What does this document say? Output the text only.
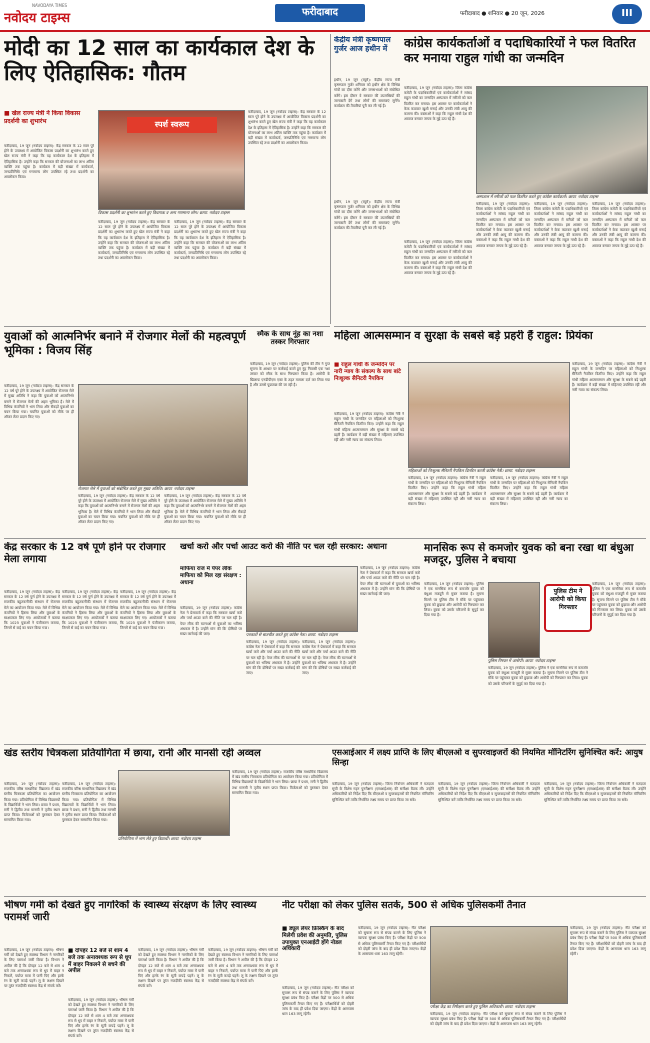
NAVODAYA TIMES
नवोदय टाइम्स	फरीदाबाद	फरीदाबाद ● शनिवार ● 20 जून, 2026	III
मोदी का 12 साल का कार्यकाल देश के लिए ऐतिहासिक: गौतम
■ खेल राज्य मंत्री ने किया विकास प्रदर्शनी का शुभारंभ
फरीदाबाद, 19 जून (नवोदय टाइम्स): केंद्र सरकार के 12 साल पूरे होने के उपलक्ष्य में आयोजित विकास प्रदर्शनी का शुभारंभ करते हुए खेल राज्य मंत्री ने कहा कि यह कार्यकाल देश के इतिहास में ऐतिहासिक है। उन्होंने कहा कि सरकार की योजनाओं का लाभ अंतिम व्यक्ति तक पहुंचा है। कार्यक्रम में बड़ी संख्या में कार्यकर्ता, जनप्रतिनिधि एवं गणमान्य लोग उपस्थित रहे तथा प्रदर्शनी का अवलोकन किया।
स्पर्श स्वरूप
विकास प्रदर्शनी का शुभारंभ करते हुए विधायक व अन्य गणमान्य लोग। छाया: नवोदय टाइम्स
फरीदाबाद, 19 जून (नवोदय टाइम्स): केंद्र सरकार के 12 साल पूरे होने के उपलक्ष्य में आयोजित विकास प्रदर्शनी का शुभारंभ करते हुए खेल राज्य मंत्री ने कहा कि यह कार्यकाल देश के इतिहास में ऐतिहासिक है। उन्होंने कहा कि सरकार की योजनाओं का लाभ अंतिम व्यक्ति तक पहुंचा है। कार्यक्रम में बड़ी संख्या में कार्यकर्ता, जनप्रतिनिधि एवं गणमान्य लोग उपस्थित रहे तथा प्रदर्शनी का अवलोकन किया।
फरीदाबाद, 19 जून (नवोदय टाइम्स): केंद्र सरकार के 12 साल पूरे होने के उपलक्ष्य में आयोजित विकास प्रदर्शनी का शुभारंभ करते हुए खेल राज्य मंत्री ने कहा कि यह कार्यकाल देश के इतिहास में ऐतिहासिक है। उन्होंने कहा कि सरकार की योजनाओं का लाभ अंतिम व्यक्ति तक पहुंचा है। कार्यक्रम में बड़ी संख्या में कार्यकर्ता, जनप्रतिनिधि एवं गणमान्य लोग उपस्थित रहे तथा प्रदर्शनी का अवलोकन किया।
फरीदाबाद, 19 जून (नवोदय टाइम्स): केंद्र सरकार के 12 साल पूरे होने के उपलक्ष्य में आयोजित विकास प्रदर्शनी का शुभारंभ करते हुए खेल राज्य मंत्री ने कहा कि यह कार्यकाल देश के इतिहास में ऐतिहासिक है। उन्होंने कहा कि सरकार की योजनाओं का लाभ अंतिम व्यक्ति तक पहुंचा है। कार्यक्रम में बड़ी संख्या में कार्यकर्ता, जनप्रतिनिधि एवं गणमान्य लोग उपस्थित रहे तथा प्रदर्शनी का अवलोकन किया।
केंद्रीय मंत्री कृष्णपाल गुर्जर आज हथीन में
हथीन, 19 जून (ब्यूरो): केंद्रीय राज्य मंत्री कृष्णपाल गुर्जर शनिवार को हथीन क्षेत्र के विभिन्न गांवों का दौरा करेंगे और जनसभाओं को संबोधित करेंगे। इस दौरान वे सरकार की उपलब्धियों की जानकारी देंगे तथा लोगों की समस्याएं सुनेंगे। कार्यक्रम की तैयारियां पूरी कर ली गई हैं।
कांग्रेस कार्यकर्ताओं व पदाधिकारियों ने फल वितरित कर मनाया राहुल गांधी का जन्मदिन
फरीदाबाद, 19 जून (नवोदय टाइम्स): जिला कांग्रेस कमेटी के पदाधिकारियों एवं कार्यकर्ताओं ने सांसद राहुल गांधी का जन्मदिन अस्पताल में मरीजों को फल वितरित कर मनाया। इस अवसर पर कार्यकर्ताओं ने केक काटकर खुशी मनाई और उनकी लंबी आयु की कामना की। वक्ताओं ने कहा कि राहुल गांधी देश की आवाज बनकर जनता के मुद्दे उठा रहे हैं।
अस्पताल में मरीजों को फल वितरित करते हुए कांग्रेस कार्यकर्ता। छाया: नवोदय टाइम्स
फरीदाबाद, 19 जून (नवोदय टाइम्स): जिला कांग्रेस कमेटी के पदाधिकारियों एवं कार्यकर्ताओं ने सांसद राहुल गांधी का जन्मदिन अस्पताल में मरीजों को फल वितरित कर मनाया। इस अवसर पर कार्यकर्ताओं ने केक काटकर खुशी मनाई और उनकी लंबी आयु की कामना की। वक्ताओं ने कहा कि राहुल गांधी देश की आवाज बनकर जनता के मुद्दे उठा रहे हैं।
फरीदाबाद, 19 जून (नवोदय टाइम्स): जिला कांग्रेस कमेटी के पदाधिकारियों एवं कार्यकर्ताओं ने सांसद राहुल गांधी का जन्मदिन अस्पताल में मरीजों को फल वितरित कर मनाया। इस अवसर पर कार्यकर्ताओं ने केक काटकर खुशी मनाई और उनकी लंबी आयु की कामना की। वक्ताओं ने कहा कि राहुल गांधी देश की आवाज बनकर जनता के मुद्दे उठा रहे हैं।
फरीदाबाद, 19 जून (नवोदय टाइम्स): जिला कांग्रेस कमेटी के पदाधिकारियों एवं कार्यकर्ताओं ने सांसद राहुल गांधी का जन्मदिन अस्पताल में मरीजों को फल वितरित कर मनाया। इस अवसर पर कार्यकर्ताओं ने केक काटकर खुशी मनाई और उनकी लंबी आयु की कामना की। वक्ताओं ने कहा कि राहुल गांधी देश की आवाज बनकर जनता के मुद्दे उठा रहे हैं।
हथीन, 19 जून (ब्यूरो): केंद्रीय राज्य मंत्री कृष्णपाल गुर्जर शनिवार को हथीन क्षेत्र के विभिन्न गांवों का दौरा करेंगे और जनसभाओं को संबोधित करेंगे। इस दौरान वे सरकार की उपलब्धियों की जानकारी देंगे तथा लोगों की समस्याएं सुनेंगे। कार्यक्रम की तैयारियां पूरी कर ली गई हैं।
फरीदाबाद, 19 जून (नवोदय टाइम्स): जिला कांग्रेस कमेटी के पदाधिकारियों एवं कार्यकर्ताओं ने सांसद राहुल गांधी का जन्मदिन अस्पताल में मरीजों को फल वितरित कर मनाया। इस अवसर पर कार्यकर्ताओं ने केक काटकर खुशी मनाई और उनकी लंबी आयु की कामना की। वक्ताओं ने कहा कि राहुल गांधी देश की आवाज बनकर जनता के मुद्दे उठा रहे हैं।
स्मैक के साथ नूंह का नशा तस्कर गिरफ्तार
फरीदाबाद, 19 जून (नवोदय टाइम्स): पुलिस की टीम ने गुप्त सूचना के आधार पर कार्रवाई करते हुए नूंह निवासी एक नशा तस्कर को स्मैक के साथ गिरफ्तार किया है। आरोपी के खिलाफ एनडीपीएस एक्ट के तहत मामला दर्ज कर लिया गया है और उससे पूछताछ की जा रही है।
युवाओं को आत्मनिर्भर बनाने में रोजगार मेलों की महत्वपूर्ण भूमिका : विजय सिंह
फरीदाबाद, 19 जून (नवोदय टाइम्स): केंद्र सरकार के 12 वर्ष पूरे होने के उपलक्ष्य में आयोजित रोजगार मेले में मुख्य अतिथि ने कहा कि युवाओं को आत्मनिर्भर बनाने में रोजगार मेलों की अहम भूमिका है। मेले में विभिन्न कंपनियों ने भाग लिया और सैकड़ों युवाओं का चयन किया गया। चयनित युवाओं को मौके पर ही ऑफर लेटर प्रदान किए गए।
रोजगार मेले में युवाओं को संबोधित करते हुए मुख्य अतिथि। छाया: नवोदय टाइम्स
फरीदाबाद, 19 जून (नवोदय टाइम्स): केंद्र सरकार के 12 वर्ष पूरे होने के उपलक्ष्य में आयोजित रोजगार मेले में मुख्य अतिथि ने कहा कि युवाओं को आत्मनिर्भर बनाने में रोजगार मेलों की अहम भूमिका है। मेले में विभिन्न कंपनियों ने भाग लिया और सैकड़ों युवाओं का चयन किया गया। चयनित युवाओं को मौके पर ही ऑफर लेटर प्रदान किए गए।
फरीदाबाद, 19 जून (नवोदय टाइम्स): केंद्र सरकार के 12 वर्ष पूरे होने के उपलक्ष्य में आयोजित रोजगार मेले में मुख्य अतिथि ने कहा कि युवाओं को आत्मनिर्भर बनाने में रोजगार मेलों की अहम भूमिका है। मेले में विभिन्न कंपनियों ने भाग लिया और सैकड़ों युवाओं का चयन किया गया। चयनित युवाओं को मौके पर ही ऑफर लेटर प्रदान किए गए।
महिला आत्मसम्मान व सुरक्षा के सबसे बड़े प्रहरी हैं राहुल: प्रियंका
■ राहुल गांधी के जन्मदिन पर नारी न्याय के संकल्प के साथ बांटे निःशुल्क सैनिटरी नैपकिन
फरीदाबाद, 19 जून (नवोदय टाइम्स): कांग्रेस नेत्री ने राहुल गांधी के जन्मदिन पर महिलाओं को निःशुल्क सैनिटरी नैपकिन वितरित किए। उन्होंने कहा कि राहुल गांधी महिला आत्मसम्मान और सुरक्षा के सबसे बड़े प्रहरी हैं। कार्यक्रम में बड़ी संख्या में महिलाएं उपस्थित रहीं और नारी न्याय का संकल्प लिया।
महिलाओं को निःशुल्क सैनिटरी नैपकिन वितरित करती कांग्रेस नेत्री। छाया: नवोदय टाइम्स
फरीदाबाद, 19 जून (नवोदय टाइम्स): कांग्रेस नेत्री ने राहुल गांधी के जन्मदिन पर महिलाओं को निःशुल्क सैनिटरी नैपकिन वितरित किए। उन्होंने कहा कि राहुल गांधी महिला आत्मसम्मान और सुरक्षा के सबसे बड़े प्रहरी हैं। कार्यक्रम में बड़ी संख्या में महिलाएं उपस्थित रहीं और नारी न्याय का संकल्प लिया।
फरीदाबाद, 19 जून (नवोदय टाइम्स): कांग्रेस नेत्री ने राहुल गांधी के जन्मदिन पर महिलाओं को निःशुल्क सैनिटरी नैपकिन वितरित किए। उन्होंने कहा कि राहुल गांधी महिला आत्मसम्मान और सुरक्षा के सबसे बड़े प्रहरी हैं। कार्यक्रम में बड़ी संख्या में महिलाएं उपस्थित रहीं और नारी न्याय का संकल्प लिया।
फरीदाबाद, 19 जून (नवोदय टाइम्स): कांग्रेस नेत्री ने राहुल गांधी के जन्मदिन पर महिलाओं को निःशुल्क सैनिटरी नैपकिन वितरित किए। उन्होंने कहा कि राहुल गांधी महिला आत्मसम्मान और सुरक्षा के सबसे बड़े प्रहरी हैं। कार्यक्रम में बड़ी संख्या में महिलाएं उपस्थित रहीं और नारी न्याय का संकल्प लिया।
केंद्र सरकार के 12 वर्ष पूर्ण होने पर रोजगार मेला लगाया
फरीदाबाद, 19 जून (नवोदय टाइम्स): केंद्र सरकार के 12 वर्ष पूर्ण होने के उपलक्ष्य में राजकीय बहुतकनीकी संस्थान में रोजगार मेले का आयोजन किया गया। मेले में विभिन्न कंपनियों ने हिस्सा लिया और युवाओं के साक्षात्कार लिए गए। आयोजकों ने बताया कि 1025 युवाओं ने पंजीकरण कराया, जिनमें से कई का चयन किया गया।
फरीदाबाद, 19 जून (नवोदय टाइम्स): केंद्र सरकार के 12 वर्ष पूर्ण होने के उपलक्ष्य में राजकीय बहुतकनीकी संस्थान में रोजगार मेले का आयोजन किया गया। मेले में विभिन्न कंपनियों ने हिस्सा लिया और युवाओं के साक्षात्कार लिए गए। आयोजकों ने बताया कि 1025 युवाओं ने पंजीकरण कराया, जिनमें से कई का चयन किया गया।
फरीदाबाद, 19 जून (नवोदय टाइम्स): केंद्र सरकार के 12 वर्ष पूर्ण होने के उपलक्ष्य में राजकीय बहुतकनीकी संस्थान में रोजगार मेले का आयोजन किया गया। मेले में विभिन्न कंपनियों ने हिस्सा लिया और युवाओं के साक्षात्कार लिए गए। आयोजकों ने बताया कि 1025 युवाओं ने पंजीकरण कराया, जिनमें से कई का चयन किया गया।
खर्चा करो और पर्चा आउट करो की नीति पर चल रही सरकार: अधाना
माफिया राज में पेपर लीक माफिया को मिल रहा संरक्षण : अधाना
फरीदाबाद, 19 जून (नवोदय टाइम्स): कांग्रेस नेता ने प्रेसवार्ता में कहा कि सरकार खर्चा करो और पर्चा आउट करो की नीति पर चल रही है। पेपर लीक की घटनाओं से युवाओं का भविष्य अंधकार में है। उन्होंने मांग की कि दोषियों पर सख्त कार्रवाई की जाए।	पत्रकारों से बातचीत करते हुए कांग्रेस नेता। छाया: नवोदय टाइम्स
फरीदाबाद, 19 जून (नवोदय टाइम्स): कांग्रेस नेता ने प्रेसवार्ता में कहा कि सरकार खर्चा करो और पर्चा आउट करो की नीति पर चल रही है। पेपर लीक की घटनाओं से युवाओं का भविष्य अंधकार में है। उन्होंने मांग की कि दोषियों पर सख्त कार्रवाई की जाए।
फरीदाबाद, 19 जून (नवोदय टाइम्स): कांग्रेस नेता ने प्रेसवार्ता में कहा कि सरकार खर्चा करो और पर्चा आउट करो की नीति पर चल रही है। पेपर लीक की घटनाओं से युवाओं का भविष्य अंधकार में है। उन्होंने मांग की कि दोषियों पर सख्त कार्रवाई की जाए।
फरीदाबाद, 19 जून (नवोदय टाइम्स): कांग्रेस नेता ने प्रेसवार्ता में कहा कि सरकार खर्चा करो और पर्चा आउट करो की नीति पर चल रही है। पेपर लीक की घटनाओं से युवाओं का भविष्य अंधकार में है। उन्होंने मांग की कि दोषियों पर सख्त कार्रवाई की जाए।
मानसिक रूप से कमजोर युवक को बना रखा था बंधुआ मजदूर, पुलिस ने बचाया
फरीदाबाद, 19 जून (नवोदय टाइम्स): पुलिस ने एक मानसिक रूप से कमजोर युवक को बंधुआ मजदूरी से मुक्त कराया है। सूचना मिलने पर पुलिस टीम ने मौके पर पहुंचकर युवक को छुड़ाया और आरोपी को गिरफ्तार कर लिया। युवक को उसके परिजनों के सुपुर्द कर दिया गया है।
पुलिस टीम ने आरोपी को किया गिरफ्तार
पुलिस गिरफ्त में आरोपी। छाया: नवोदय टाइम्स
फरीदाबाद, 19 जून (नवोदय टाइम्स): पुलिस ने एक मानसिक रूप से कमजोर युवक को बंधुआ मजदूरी से मुक्त कराया है। सूचना मिलने पर पुलिस टीम ने मौके पर पहुंचकर युवक को छुड़ाया और आरोपी को गिरफ्तार कर लिया। युवक को उसके परिजनों के सुपुर्द कर दिया गया है।
फरीदाबाद, 19 जून (नवोदय टाइम्स): पुलिस ने एक मानसिक रूप से कमजोर युवक को बंधुआ मजदूरी से मुक्त कराया है। सूचना मिलने पर पुलिस टीम ने मौके पर पहुंचकर युवक को छुड़ाया और आरोपी को गिरफ्तार कर लिया। युवक को उसके परिजनों के सुपुर्द कर दिया गया है।
खंड स्तरीय चित्रकला प्रतियोगिता में छाया, रानी और मानसी रही अव्वल
फरीदाबाद, 19 जून (नवोदय टाइम्स): राजकीय वरिष्ठ माध्यमिक विद्यालय में खंड स्तरीय चित्रकला प्रतियोगिता का आयोजन किया गया। प्रतियोगिता में विभिन्न विद्यालयों के विद्यार्थियों ने भाग लिया। छाया ने प्रथम, रानी ने द्वितीय तथा मानसी ने तृतीय स्थान प्राप्त किया। विजेताओं को पुरस्कार देकर सम्मानित किया गया।
फरीदाबाद, 19 जून (नवोदय टाइम्स): राजकीय वरिष्ठ माध्यमिक विद्यालय में खंड स्तरीय चित्रकला प्रतियोगिता का आयोजन किया गया। प्रतियोगिता में विभिन्न विद्यालयों के विद्यार्थियों ने भाग लिया। छाया ने प्रथम, रानी ने द्वितीय तथा मानसी ने तृतीय स्थान प्राप्त किया। विजेताओं को पुरस्कार देकर सम्मानित किया गया।
प्रतियोगिता में भाग लेते हुए विद्यार्थी। छाया: नवोदय टाइम्स
फरीदाबाद, 19 जून (नवोदय टाइम्स): राजकीय वरिष्ठ माध्यमिक विद्यालय में खंड स्तरीय चित्रकला प्रतियोगिता का आयोजन किया गया। प्रतियोगिता में विभिन्न विद्यालयों के विद्यार्थियों ने भाग लिया। छाया ने प्रथम, रानी ने द्वितीय तथा मानसी ने तृतीय स्थान प्राप्त किया। विजेताओं को पुरस्कार देकर सम्मानित किया गया।
एसआईआर में लक्ष्य प्राप्ति के लिए बीएलओ व सुपरवाइजरों की नियमित मॉनिटरिंग सुनिश्चित करें: आयुष सिन्हा
फरीदाबाद, 19 जून (नवोदय टाइम्स): जिला निर्वाचन अधिकारी ने मतदाता सूची के विशेष गहन पुनरीक्षण (एसआईआर) की समीक्षा बैठक ली। उन्होंने अधिकारियों को निर्देश दिए कि बीएलओ व सुपरवाइजरों की नियमित मॉनिटरिंग सुनिश्चित करें ताकि निर्धारित लक्ष्य समय पर प्राप्त किया जा सके।
फरीदाबाद, 19 जून (नवोदय टाइम्स): जिला निर्वाचन अधिकारी ने मतदाता सूची के विशेष गहन पुनरीक्षण (एसआईआर) की समीक्षा बैठक ली। उन्होंने अधिकारियों को निर्देश दिए कि बीएलओ व सुपरवाइजरों की नियमित मॉनिटरिंग सुनिश्चित करें ताकि निर्धारित लक्ष्य समय पर प्राप्त किया जा सके।
फरीदाबाद, 19 जून (नवोदय टाइम्स): जिला निर्वाचन अधिकारी ने मतदाता सूची के विशेष गहन पुनरीक्षण (एसआईआर) की समीक्षा बैठक ली। उन्होंने अधिकारियों को निर्देश दिए कि बीएलओ व सुपरवाइजरों की नियमित मॉनिटरिंग सुनिश्चित करें ताकि निर्धारित लक्ष्य समय पर प्राप्त किया जा सके।
भीषण गर्मी को देखते हुए नागरिकों के स्वास्थ्य संरक्षण के लिए स्वास्थ्य परामर्श जारी
फरीदाबाद, 19 जून (नवोदय टाइम्स): भीषण गर्मी को देखते हुए स्वास्थ्य विभाग ने नागरिकों के लिए परामर्श जारी किया है। विभाग ने अपील की है कि दोपहर 12 बजे से शाम 4 बजे तक अनावश्यक रूप से धूप में बाहर न निकलें, पर्याप्त मात्रा में पानी पिएं और हल्के रंग के सूती कपड़े पहनें। लू के लक्षण दिखने पर तुरंत नजदीकी स्वास्थ्य केंद्र से संपर्क करें।
■ दोपहर 12 बजे से शाम 4 बजे तक अनावश्यक रूप से धूप में बाहर निकलने से बचने की अपील
फरीदाबाद, 19 जून (नवोदय टाइम्स): भीषण गर्मी को देखते हुए स्वास्थ्य विभाग ने नागरिकों के लिए परामर्श जारी किया है। विभाग ने अपील की है कि दोपहर 12 बजे से शाम 4 बजे तक अनावश्यक रूप से धूप में बाहर न निकलें, पर्याप्त मात्रा में पानी पिएं और हल्के रंग के सूती कपड़े पहनें। लू के लक्षण दिखने पर तुरंत नजदीकी स्वास्थ्य केंद्र से संपर्क करें।
फरीदाबाद, 19 जून (नवोदय टाइम्स): भीषण गर्मी को देखते हुए स्वास्थ्य विभाग ने नागरिकों के लिए परामर्श जारी किया है। विभाग ने अपील की है कि दोपहर 12 बजे से शाम 4 बजे तक अनावश्यक रूप से धूप में बाहर न निकलें, पर्याप्त मात्रा में पानी पिएं और हल्के रंग के सूती कपड़े पहनें। लू के लक्षण दिखने पर तुरंत नजदीकी स्वास्थ्य केंद्र से संपर्क करें।
फरीदाबाद, 19 जून (नवोदय टाइम्स): भीषण गर्मी को देखते हुए स्वास्थ्य विभाग ने नागरिकों के लिए परामर्श जारी किया है। विभाग ने अपील की है कि दोपहर 12 बजे से शाम 4 बजे तक अनावश्यक रूप से धूप में बाहर न निकलें, पर्याप्त मात्रा में पानी पिएं और हल्के रंग के सूती कपड़े पहनें। लू के लक्षण दिखने पर तुरंत नजदीकी स्वास्थ्य केंद्र से संपर्क करें।
नीट परीक्षा को लेकर पुलिस सतर्क, 500 से अधिक पुलिसकर्मी तैनात
■ ड्यूल लेयर फ्रिस्किंग के बाद मिलेगी प्रवेश की अनुमति, पुलिस उपायुक्त एनआईटी होंगे नोडल अधिकारी
फरीदाबाद, 19 जून (नवोदय टाइम्स): नीट परीक्षा को सुचारू रूप से संपन्न कराने के लिए पुलिस ने व्यापक सुरक्षा प्रबंध किए हैं। परीक्षा केंद्रों पर 500 से अधिक पुलिसकर्मी तैनात किए गए हैं। परीक्षार्थियों को दोहरी जांच के बाद ही प्रवेश दिया जाएगा। केंद्रों के आसपास धारा 163 लागू रहेगी।
फरीदाबाद, 19 जून (नवोदय टाइम्स): नीट परीक्षा को सुचारू रूप से संपन्न कराने के लिए पुलिस ने व्यापक सुरक्षा प्रबंध किए हैं। परीक्षा केंद्रों पर 500 से अधिक पुलिसकर्मी तैनात किए गए हैं। परीक्षार्थियों को दोहरी जांच के बाद ही प्रवेश दिया जाएगा। केंद्रों के आसपास धारा 163 लागू रहेगी।
परीक्षा केंद्र का निरीक्षण करते हुए पुलिस अधिकारी। छाया: नवोदय टाइम्स
फरीदाबाद, 19 जून (नवोदय टाइम्स): नीट परीक्षा को सुचारू रूप से संपन्न कराने के लिए पुलिस ने व्यापक सुरक्षा प्रबंध किए हैं। परीक्षा केंद्रों पर 500 से अधिक पुलिसकर्मी तैनात किए गए हैं। परीक्षार्थियों को दोहरी जांच के बाद ही प्रवेश दिया जाएगा। केंद्रों के आसपास धारा 163 लागू रहेगी।
फरीदाबाद, 19 जून (नवोदय टाइम्स): नीट परीक्षा को सुचारू रूप से संपन्न कराने के लिए पुलिस ने व्यापक सुरक्षा प्रबंध किए हैं। परीक्षा केंद्रों पर 500 से अधिक पुलिसकर्मी तैनात किए गए हैं। परीक्षार्थियों को दोहरी जांच के बाद ही प्रवेश दिया जाएगा। केंद्रों के आसपास धारा 163 लागू रहेगी।
